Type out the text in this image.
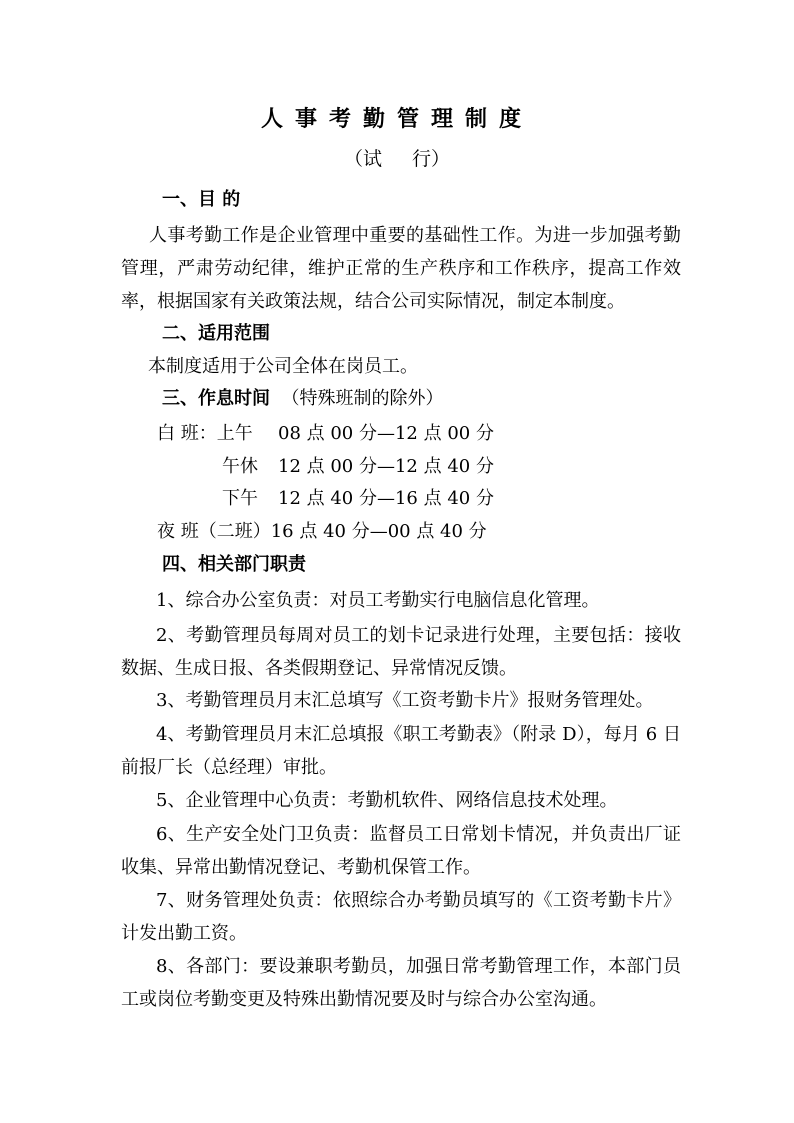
人事考勤管理制度
（试 行）
一、目 的
人事考勤工作是企业管理中重要的基础性工作。为进一步加强考勤管理，严肃劳动纪律，维护正常的生产秩序和工作秩序，提高工作效率，根据国家有关政策法规，结合公司实际情况，制定本制度。
二、适用范围
本制度适用于公司全体在岗员工。
三、作息时间 （特殊班制的除外）
白 班：上午 08 点 00 分—12 点 00 分
午休 12 点 00 分—12 点 40 分
下午 12 点 40 分—16 点 40 分
夜 班（二班）16 点 40 分—00 点 40 分
四、相关部门职责
1、综合办公室负责：对员工考勤实行电脑信息化管理。
2、考勤管理员每周对员工的划卡记录进行处理，主要包括：接收数据、生成日报、各类假期登记、异常情况反馈。
3、考勤管理员月末汇总填写《工资考勤卡片》报财务管理处。
4、考勤管理员月末汇总填报《职工考勤表》（附录 D），每月 6 日前报厂长（总经理）审批。
5、企业管理中心负责：考勤机软件、网络信息技术处理。
6、生产安全处门卫负责：监督员工日常划卡情况，并负责出厂证收集、异常出勤情况登记、考勤机保管工作。
7、财务管理处负责：依照综合办考勤员填写的《工资考勤卡片》计发出勤工资。
8、各部门：要设兼职考勤员，加强日常考勤管理工作，本部门员工或岗位考勤变更及特殊出勤情况要及时与综合办公室沟通。
